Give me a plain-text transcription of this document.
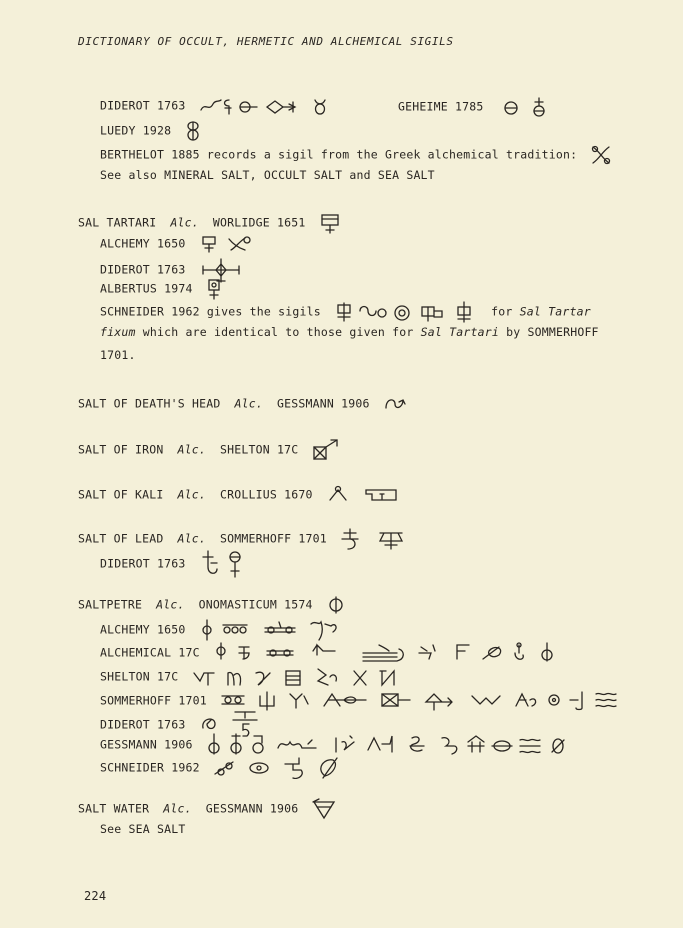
DICTIONARY OF OCCULT, HERMETIC AND ALCHEMICAL SIGILS
DIDEROT 1763	GEHEIME 1785
LUEDY 1928
BERTHELOT 1885 records a sigil from the Greek alchemical tradition:
See also MINERAL SALT, OCCULT SALT and SEA SALT
SAL TARTARI Alc. WORLIDGE 1651
ALCHEMY 1650
DIDEROT 1763
ALBERTUS 1974
SCHNEIDER 1962 gives the sigils	for Sal Tartar
fixum which are identical to those given for Sal Tartari by SOMMERHOFF
1701.
SALT OF DEATH'S HEAD Alc. GESSMANN 1906
SALT OF IRON Alc. SHELTON 17C
SALT OF KALI Alc. CROLLIUS 1670
SALT OF LEAD Alc. SOMMERHOFF 1701
DIDEROT 1763
SALTPETRE Alc. ONOMASTICUM 1574
ALCHEMY 1650
ALCHEMICAL 17C
SHELTON 17C
SOMMERHOFF 1701
DIDEROT 1763
GESSMANN 1906
SCHNEIDER 1962
SALT WATER Alc. GESSMANN 1906
See SEA SALT
224
